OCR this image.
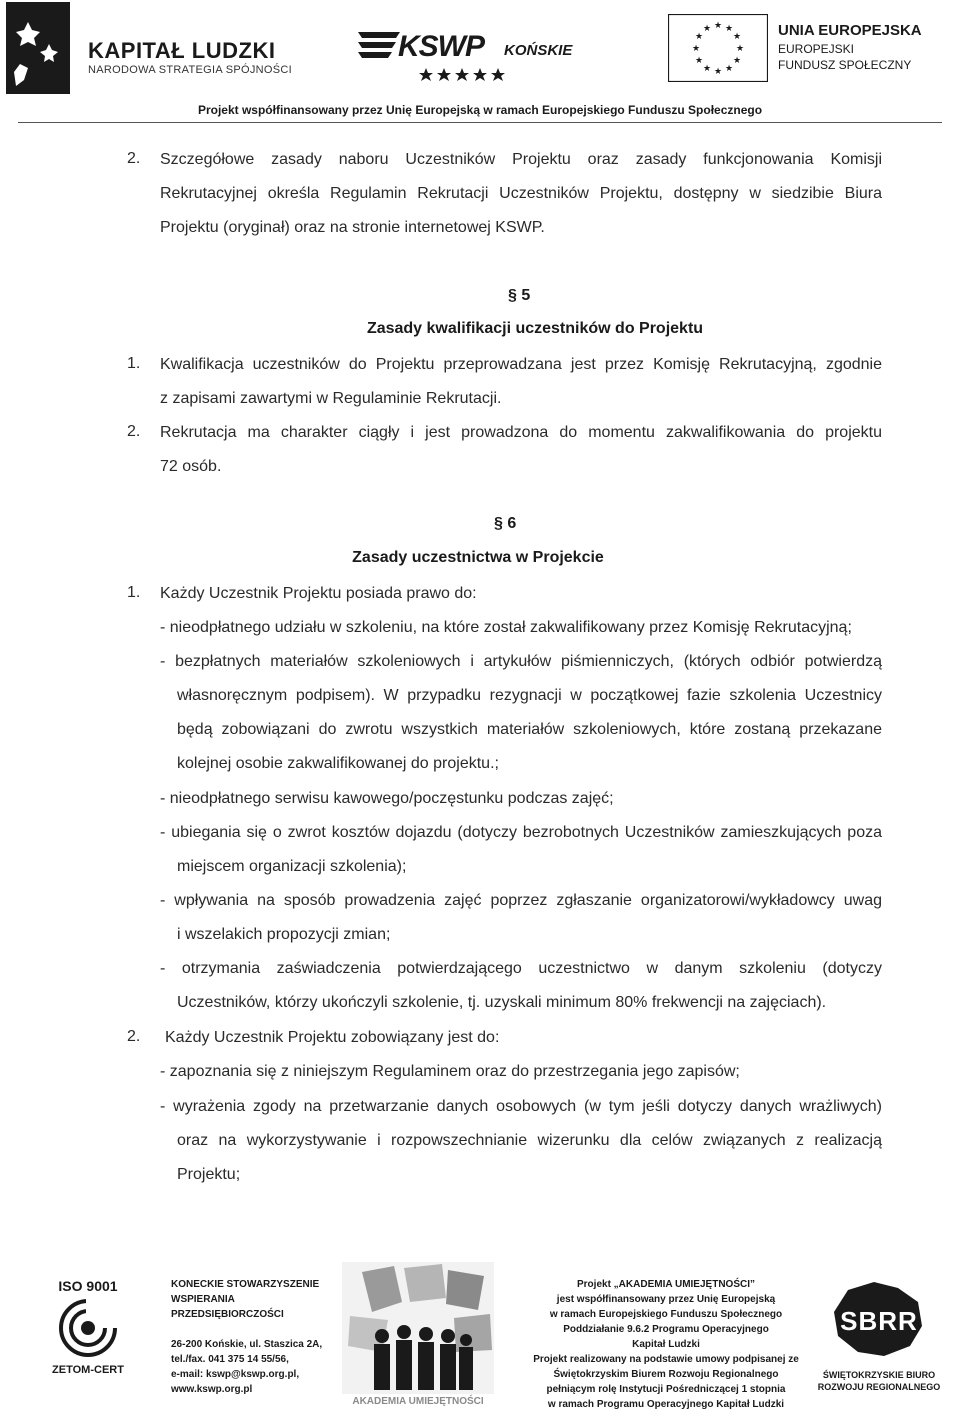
KAPITAŁ LUDZKI
NARODOWA STRATEGIA SPÓJNOŚCI
KSWP KOŃSKIE
★ ★
★
★
★
★
★
★
★
★
★
★	UNIA EUROPEJSKA
EUROPEJSKI
FUNDUSZ SPOŁECZNY
Projekt współfinansowany przez Unię Europejską w ramach Europejskiego Funduszu Społecznego
2. Szczegółowe zasady naboru Uczestników Projektu oraz zasady funkcjonowania Komisji
Rekrutacyjnej określa Regulamin Rekrutacji Uczestników Projektu, dostępny w siedzibie Biura
Projektu (oryginał) oraz na stronie internetowej KSWP.
§ 5
Zasady kwalifikacji uczestników do Projektu
1. Kwalifikacja uczestników do Projektu przeprowadzana jest przez Komisję Rekrutacyjną, zgodnie
z zapisami zawartymi w Regulaminie Rekrutacji.
2. Rekrutacja ma charakter ciągły i jest prowadzona do momentu zakwalifikowania do projektu
72 osób.
§ 6
Zasady uczestnictwa w Projekcie
1. Każdy Uczestnik Projektu posiada prawo do:
- nieodpłatnego udziału w szkoleniu, na które został zakwalifikowany przez Komisję Rekrutacyjną;
- bezpłatnych materiałów szkoleniowych i artykułów piśmienniczych, (których odbiór potwierdzą
własnoręcznym podpisem). W przypadku rezygnacji w początkowej fazie szkolenia Uczestnicy
będą zobowiązani do zwrotu wszystkich materiałów szkoleniowych, które zostaną przekazane
kolejnej osobie zakwalifikowanej do projektu.;
- nieodpłatnego serwisu kawowego/poczęstunku podczas zajęć;
- ubiegania się o zwrot kosztów dojazdu (dotyczy bezrobotnych Uczestników zamieszkujących poza
miejscem organizacji szkolenia);
- wpływania na sposób prowadzenia zajęć poprzez zgłaszanie organizatorowi/wykładowcy uwag
i wszelakich propozycji zmian;
- otrzymania zaświadczenia potwierdzającego uczestnictwo w danym szkoleniu (dotyczy
Uczestników, którzy ukończyli szkolenie, tj. uzyskali minimum 80% frekwencji na zajęciach).
2. Każdy Uczestnik Projektu zobowiązany jest do:
- zapoznania się z niniejszym Regulaminem oraz do przestrzegania jego zapisów;
- wyrażenia zgody na przetwarzanie danych osobowych (w tym jeśli dotyczy danych wrażliwych)
oraz na wykorzystywanie i rozpowszechnianie wizerunku dla celów związanych z realizacją
Projektu;
ISO 9001
ZETOM-CERT
KONECKIE STOWARZYSZENIE
WSPIERANIA
PRZEDSIĘBIORCZOŚCI
26-200 Końskie, ul. Staszica 2A,
tel./fax. 041 375 14 55/56,
e-mail: kswp@kswp.org.pl,
www.kswp.org.pl
AKADEMIA UMIEJĘTNOŚCI
Projekt „AKADEMIA UMIEJĘTNOŚCI”
jest współfinansowany przez Unię Europejską
w ramach Europejskiego Funduszu Społecznego
Poddziałanie 9.6.2 Programu Operacyjnego
Kapitał Ludzki
Projekt realizowany na podstawie umowy podpisanej ze
Świętokrzyskim Biurem Rozwoju Regionalnego
pełniącym rolę Instytucji Pośredniczącej 1 stopnia
w ramach Programu Operacyjnego Kapitał Ludzki
SBRR
ŚWIĘTOKRZYSKIE BIURO
ROZWOJU REGIONALNEGO
